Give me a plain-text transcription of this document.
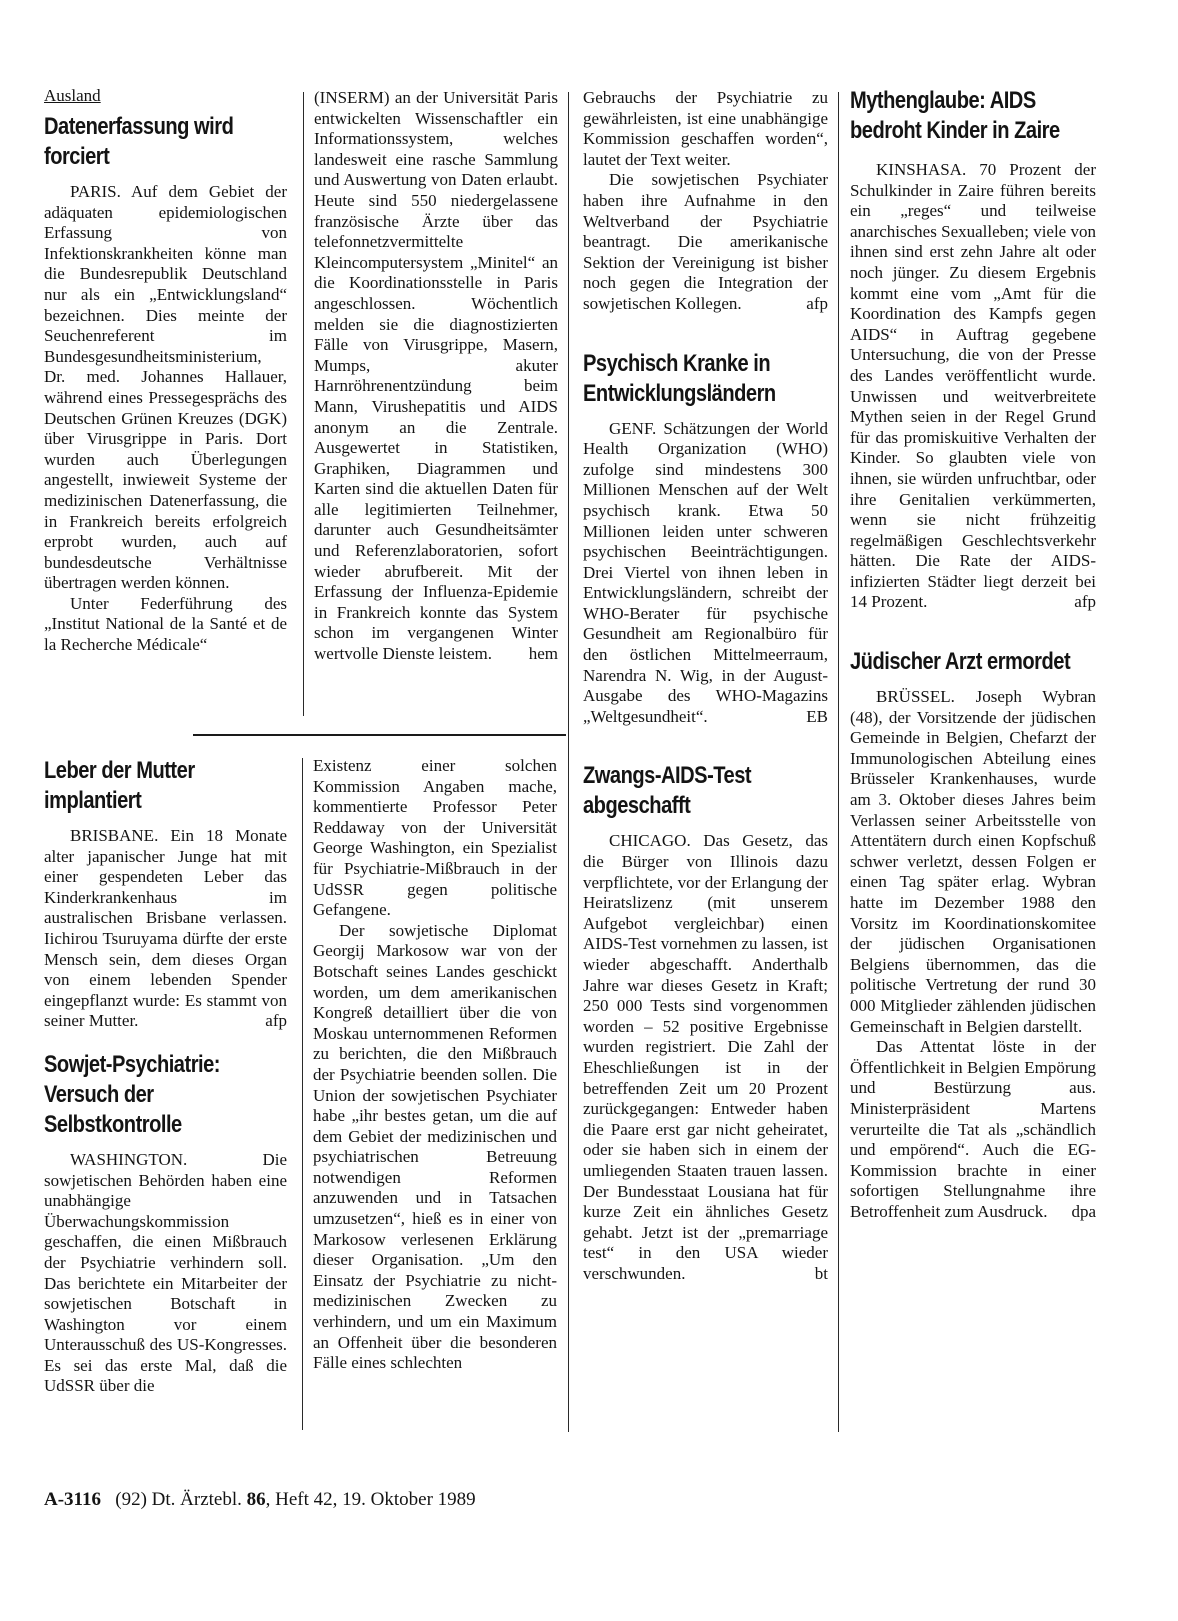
Ausland
Datenerfassung wird forciert

PARIS. Auf dem Gebiet der adäquaten epidemiologischen Erfassung von Infektionskrankheiten könne man die Bundesrepublik Deutschland nur als ein „Entwicklungsland“ bezeichnen. Dies meinte der Seuchenreferent im Bundesgesundheitsministerium, Dr. med. Johannes Hallauer, während eines Pressegesprächs des Deutschen Grünen Kreuzes (DGK) über Virusgrippe in Paris. Dort wurden auch Überlegungen angestellt, inwieweit Systeme der medizinischen Datenerfassung, die in Frankreich bereits erfolgreich erprobt wurden, auch auf bundesdeutsche Verhältnisse übertragen werden können.

Unter Federführung des „Institut National de la Santé et de la Recherche Médicale“

(INSERM) an der Universität Paris entwickelten Wissenschaftler ein Informationssystem, welches landesweit eine rasche Sammlung und Auswertung von Daten erlaubt. Heute sind 550 niedergelassene französische Ärzte über das telefonnetzvermittelte Kleincomputersystem „Minitel“ an die Koordinationsstelle in Paris angeschlossen. Wöchentlich melden sie die diagnostizierten Fälle von Virusgrippe, Masern, Mumps, akuter Harnröhrenentzündung beim Mann, Virushepatitis und AIDS anonym an die Zentrale. Ausgewertet in Statistiken, Graphiken, Diagrammen und Karten sind die aktuellen Daten für alle legitimierten Teilnehmer, darunter auch Gesundheitsämter und Referenzlaboratorien, sofort wieder abrufbereit. Mit der Erfassung der Influenza-Epidemie in Frankreich konnte das System schon im vergangenen Winter wertvolle Dienste leistem. hem

Leber der Mutter implantiert

BRISBANE. Ein 18 Monate alter japanischer Junge hat mit einer gespendeten Leber das Kinderkrankenhaus im australischen Brisbane verlassen. Iichirou Tsuruyama dürfte der erste Mensch sein, dem dieses Organ von einem lebenden Spender eingepflanzt wurde: Es stammt von seiner Mutter.	afp

Sowjet-Psychiatrie: Versuch der Selbstkontrolle

WASHINGTON. Die sowjetischen Behörden haben eine unabhängige Überwachungskommission geschaffen, die einen Mißbrauch der Psychiatrie verhindern soll. Das berichtete ein Mitarbeiter der sowjetischen Botschaft in Washington vor einem Unterausschuß des US-Kongresses. Es sei das erste Mal, daß die UdSSR über die

Existenz einer solchen Kommission Angaben mache, kommentierte Professor Peter Reddaway von der Universität George Washington, ein Spezialist für Psychiatrie-Mißbrauch in der UdSSR gegen politische Gefangene.

Der sowjetische Diplomat Georgij Markosow war von der Botschaft seines Landes geschickt worden, um dem amerikanischen Kongreß detailliert über die von Moskau unternommenen Reformen zu berichten, die den Mißbrauch der Psychiatrie beenden sollen. Die Union der sowjetischen Psychiater habe „ihr bestes getan, um die auf dem Gebiet der medizinischen und psychiatrischen Betreuung notwendigen Reformen anzuwenden und in Tatsachen umzusetzen“, hieß es in einer von Markosow verlesenen Erklärung dieser Organisation. „Um den Einsatz der Psychiatrie zu nicht-medizinischen Zwecken zu verhindern, und um ein Maximum an Offenheit über die besonderen Fälle eines schlechten

Gebrauchs der Psychiatrie zu gewährleisten, ist eine unabhängige Kommission geschaffen worden“, lautet der Text weiter.

Die sowjetischen Psychiater haben ihre Aufnahme in den Weltverband der Psychiatrie beantragt. Die amerikanische Sektion der Vereinigung ist bisher noch gegen die Integration der sowjetischen Kollegen.	afp

Psychisch Kranke in Entwicklungsländern

GENF. Schätzungen der World Health Organization (WHO) zufolge sind mindestens 300 Millionen Menschen auf der Welt psychisch krank. Etwa 50 Millionen leiden unter schweren psychischen Beeinträchtigungen. Drei Viertel von ihnen leben in Entwicklungsländern, schreibt der WHO-Berater für psychische Gesundheit am Regionalbüro für den östlichen Mittelmeerraum, Narendra N. Wig, in der August-Ausgabe des WHO-Magazins „Weltgesundheit“.	EB

Zwangs-AIDS-Test abgeschafft

CHICAGO. Das Gesetz, das die Bürger von Illinois dazu verpflichtete, vor der Erlangung der Heiratslizenz (mit unserem Aufgebot vergleichbar) einen AIDS-Test vornehmen zu lassen, ist wieder abgeschafft. Anderthalb Jahre war dieses Gesetz in Kraft; 250 000 Tests sind vorgenommen worden – 52 positive Ergebnisse wurden registriert. Die Zahl der Eheschließungen ist in der betreffenden Zeit um 20 Prozent zurückgegangen: Entweder haben die Paare erst gar nicht geheiratet, oder sie haben sich in einem der umliegenden Staaten trauen lassen. Der Bundesstaat Lousiana hat für kurze Zeit ein ähnliches Gesetz gehabt. Jetzt ist der „premarriage test“ in den USA wieder verschwunden.	bt

Mythenglaube: AIDS bedroht Kinder in Zaire

KINSHASA. 70 Prozent der Schulkinder in Zaire führen bereits ein „reges“ und teilweise anarchisches Sexualleben; viele von ihnen sind erst zehn Jahre alt oder noch jünger. Zu diesem Ergebnis kommt eine vom „Amt für die Koordination des Kampfs gegen AIDS“ in Auftrag gegebene Untersuchung, die von der Presse des Landes veröffentlicht wurde. Unwissen und weitverbreitete Mythen seien in der Regel Grund für das promiskuitive Verhalten der Kinder. So glaubten viele von ihnen, sie würden unfruchtbar, oder ihre Genitalien verkümmerten, wenn sie nicht frühzeitig regelmäßigen Geschlechtsverkehr hätten. Die Rate der AIDS-infizierten Städter liegt derzeit bei 14 Prozent.	afp

Jüdischer Arzt ermordet

BRÜSSEL. Joseph Wybran (48), der Vorsitzende der jüdischen Gemeinde in Belgien, Chefarzt der Immunologischen Abteilung eines Brüsseler Krankenhauses, wurde am 3. Oktober dieses Jahres beim Verlassen seiner Arbeitsstelle von Attentätern durch einen Kopfschuß schwer verletzt, dessen Folgen er einen Tag später erlag. Wybran hatte im Dezember 1988 den Vorsitz im Koordinationskomitee der jüdischen Organisationen Belgiens übernommen, das die politische Vertretung der rund 30 000 Mitglieder zählenden jüdischen Gemeinschaft in Belgien darstellt.

Das Attentat löste in der Öffentlichkeit in Belgien Empörung und Bestürzung aus. Ministerpräsident Martens verurteilte die Tat als „schändlich und empörend“. Auch die EG-Kommission brachte in einer sofortigen Stellungnahme ihre Betroffenheit zum Ausdruck. dpa

A-3116 (92) Dt. Ärztebl. 86, Heft 42, 19. Oktober 1989
